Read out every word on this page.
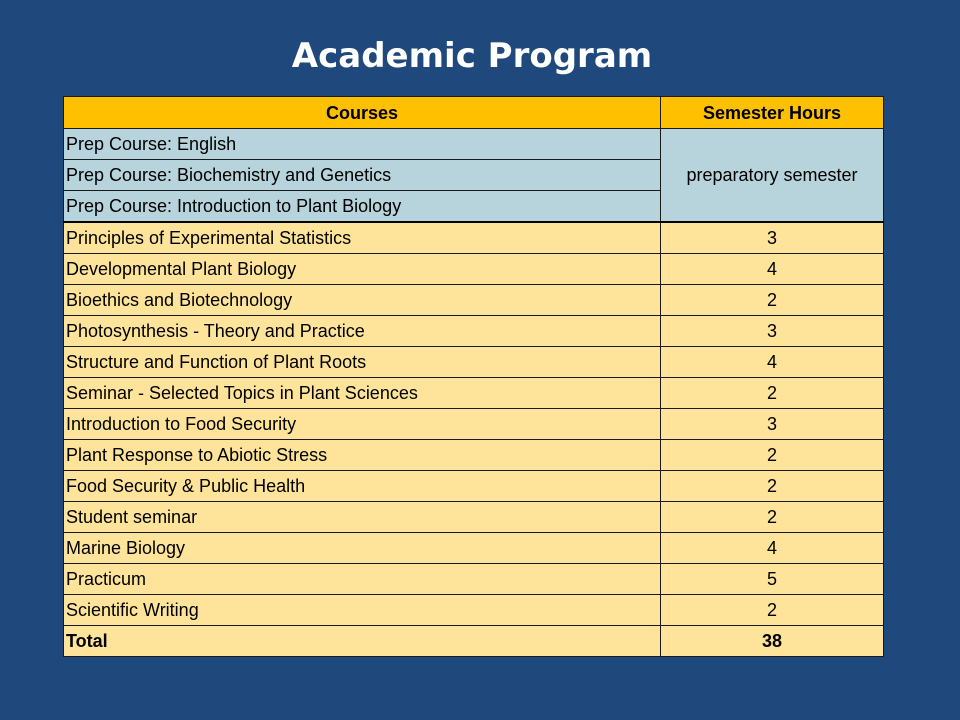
Academic Program
Courses	Semester Hours
Prep Course: English	preparatory semester
Prep Course: Biochemistry and Genetics	
Prep Course: Introduction to Plant Biology	
Principles of Experimental Statistics	3
Developmental Plant Biology	4
Bioethics and Biotechnology	2
Photosynthesis - Theory and Practice	3
Structure and Function of Plant Roots	4
Seminar - Selected Topics in Plant Sciences	2
Introduction to Food Security	3
Plant Response to Abiotic Stress	2
Food Security & Public Health	2
Student seminar	2
Marine Biology	4
Practicum	5
Scientific Writing	2
Total	38
